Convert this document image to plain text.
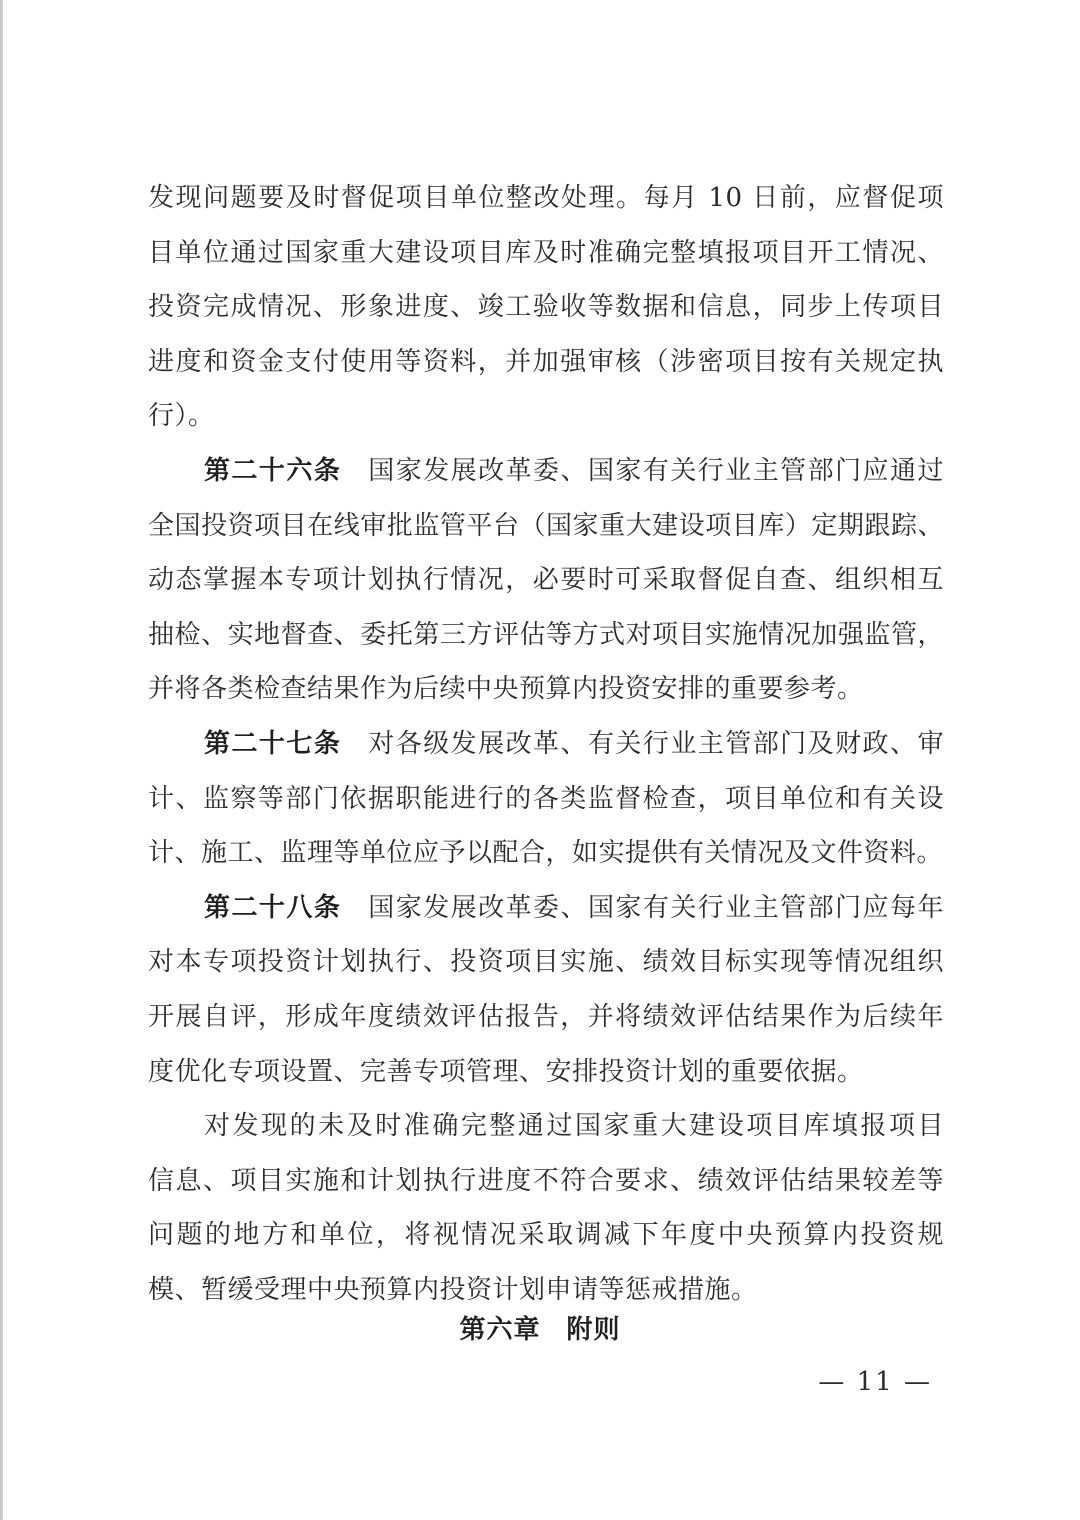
发现问题要及时督促项目单位整改处理。每月 10 日前，应督促项
目单位通过国家重大建设项目库及时准确完整填报项目开工情况、
投资完成情况、形象进度、竣工验收等数据和信息，同步上传项目
进度和资金支付使用等资料，并加强审核（涉密项目按有关规定执
行）。
第二十六条 国家发展改革委、国家有关行业主管部门应通过
全国投资项目在线审批监管平台（国家重大建设项目库）定期跟踪、
动态掌握本专项计划执行情况，必要时可采取督促自查、组织相互
抽检、实地督查、委托第三方评估等方式对项目实施情况加强监管，
并将各类检查结果作为后续中央预算内投资安排的重要参考。
第二十七条 对各级发展改革、有关行业主管部门及财政、审
计、监察等部门依据职能进行的各类监督检查，项目单位和有关设
计、施工、监理等单位应予以配合，如实提供有关情况及文件资料。
第二十八条 国家发展改革委、国家有关行业主管部门应每年
对本专项投资计划执行、投资项目实施、绩效目标实现等情况组织
开展自评，形成年度绩效评估报告，并将绩效评估结果作为后续年
度优化专项设置、完善专项管理、安排投资计划的重要依据。
对发现的未及时准确完整通过国家重大建设项目库填报项目
信息、项目实施和计划执行进度不符合要求、绩效评估结果较差等
问题的地方和单位，将视情况采取调减下年度中央预算内投资规
模、暂缓受理中央预算内投资计划申请等惩戒措施。
第六章 附则
— 11 —
